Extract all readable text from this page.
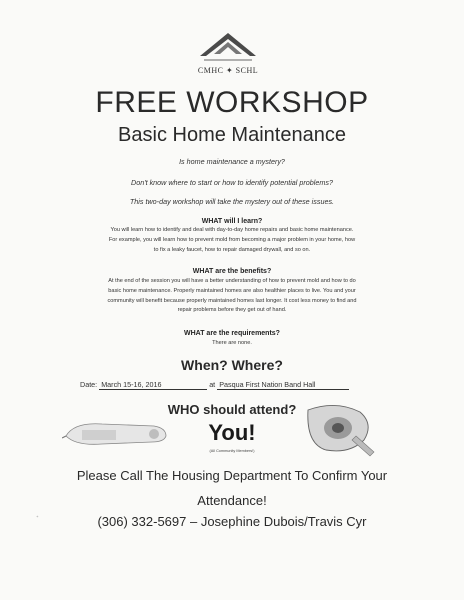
CMHC ✦ SCHL
FREE WORKSHOP
Basic Home Maintenance
Is home maintenance a mystery?
Don't know where to start or how to identify potential problems?
This two-day workshop will take the mystery out of these issues.
WHAT will I learn?
You will learn how to identify and deal with day-to-day home repairs and basic home maintenance.
For example, you will learn how to prevent mold from becoming a major problem in your home, how
to fix a leaky faucet, how to repair damaged drywall, and so on.
WHAT are the benefits?
At the end of the session you will have a better understanding of how to prevent mold and how to do
basic home maintenance. Properly maintained homes are also healthier places to live. You and your
community will benefit because properly maintained homes last longer. It cost less money to find and
repair problems before they get out of hand.
WHAT are the requirements?
There are none.
When? Where?
Date: March 15-16, 2016	at Pasqua First Nation Band Hall
WHO should attend?
You!
(All Community Members!)
Please Call The Housing Department To Confirm Your
Attendance!
⁺	(306) 332-5697 – Josephine Dubois/Travis Cyr
